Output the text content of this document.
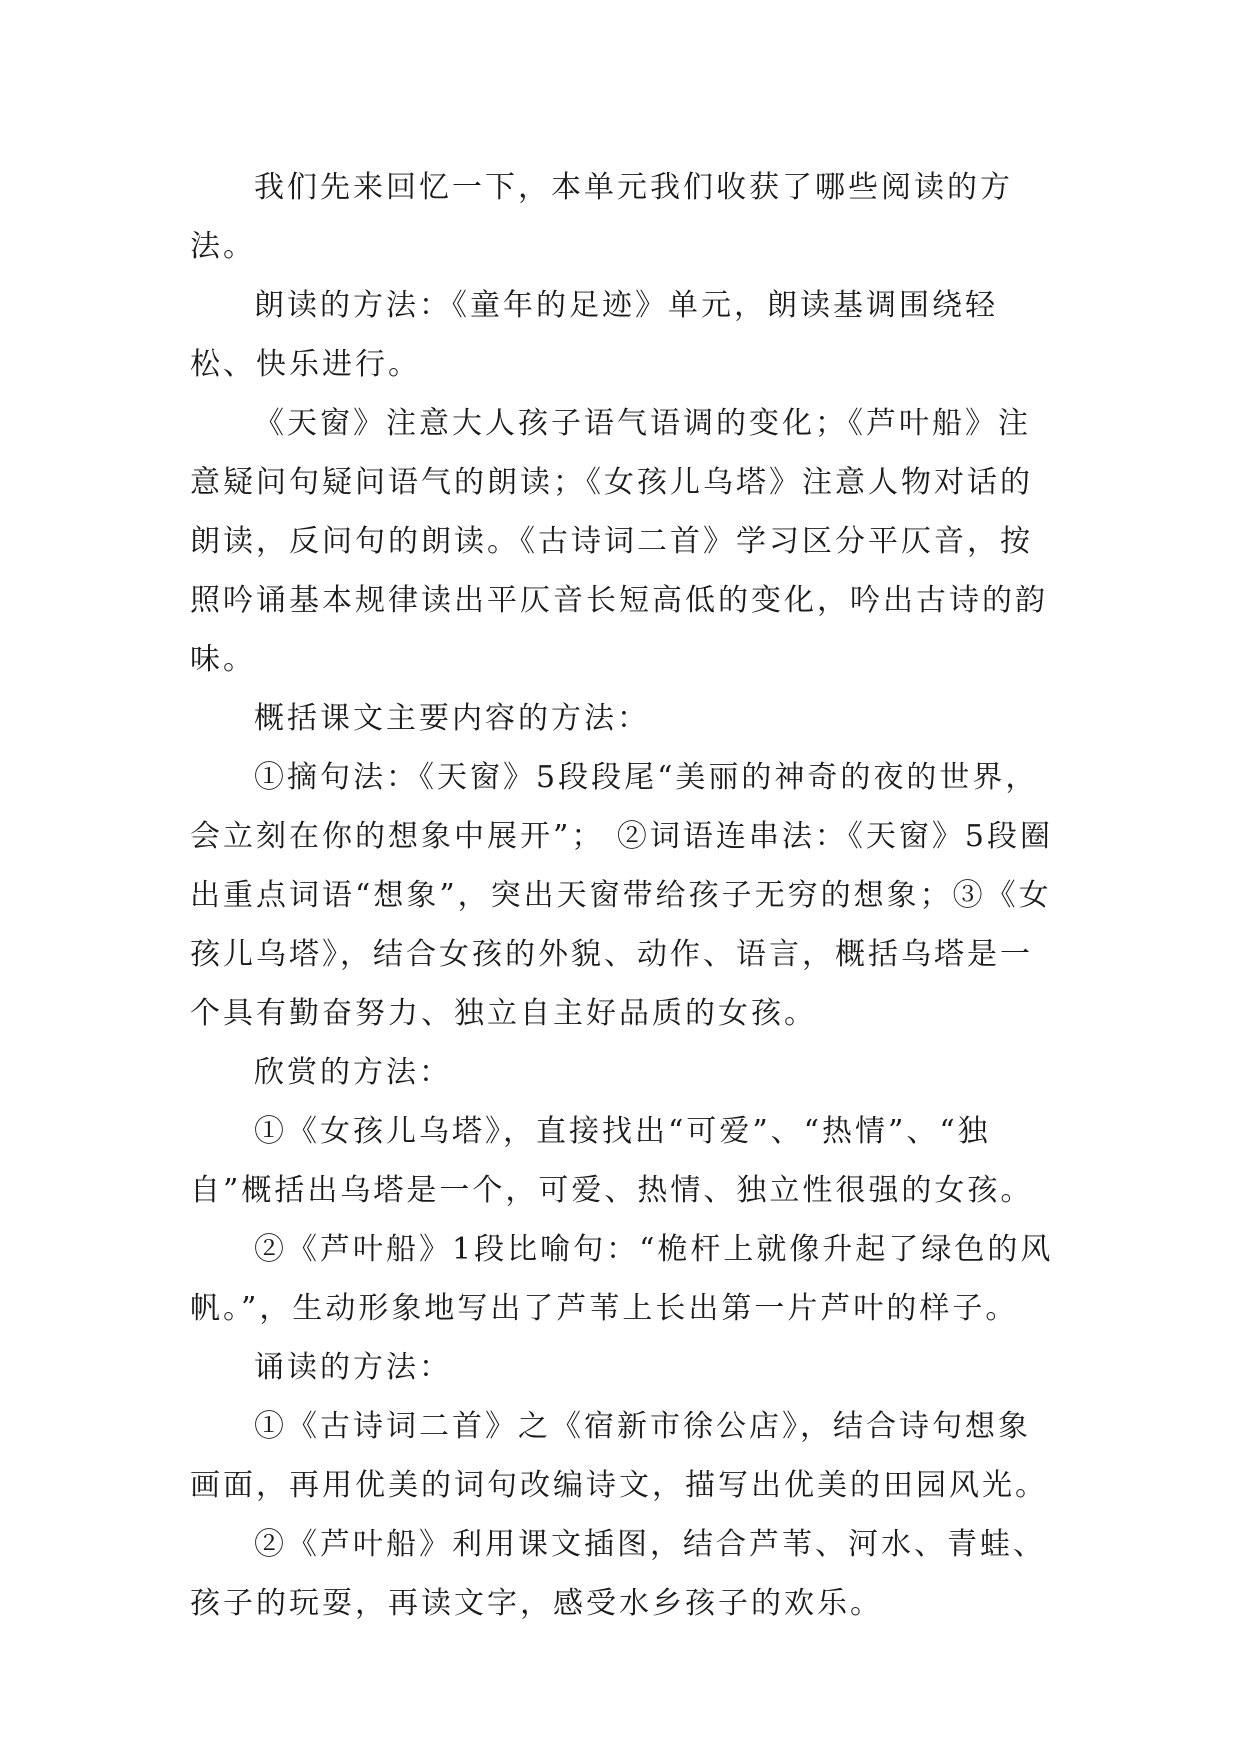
我们先来回忆一下，本单元我们收获了哪些阅读的方法。

朗读的方法：《童年的足迹》单元，朗读基调围绕轻松、快乐进行。

《天窗》注意大人孩子语气语调的变化；《芦叶船》注意疑问句疑问语气的朗读；《女孩儿乌塔》注意人物对话的朗读，反问句的朗读。《古诗词二首》学习区分平仄音，按照吟诵基本规律读出平仄音长短高低的变化，吟出古诗的韵味。

概括课文主要内容的方法：

①摘句法：《天窗》5段段尾“美丽的神奇的夜的世界，会立刻在你的想象中展开”； ②词语连串法：《天窗》5段圈出重点词语“想象”，突出天窗带给孩子无穷的想象；③《女孩儿乌塔》，结合女孩的外貌、动作、语言，概括乌塔是一个具有勤奋努力、独立自主好品质的女孩。

欣赏的方法：

①《女孩儿乌塔》，直接找出“可爱”、“热情”、“独自”概括出乌塔是一个，可爱、热情、独立性很强的女孩。

②《芦叶船》1段比喻句：“桅杆上就像升起了绿色的风帆。”，生动形象地写出了芦苇上长出第一片芦叶的样子。

诵读的方法：

①《古诗词二首》之《宿新市徐公店》，结合诗句想象画面，再用优美的词句改编诗文，描写出优美的田园风光。

②《芦叶船》利用课文插图，结合芦苇、河水、青蛙、孩子的玩耍，再读文字，感受水乡孩子的欢乐。
